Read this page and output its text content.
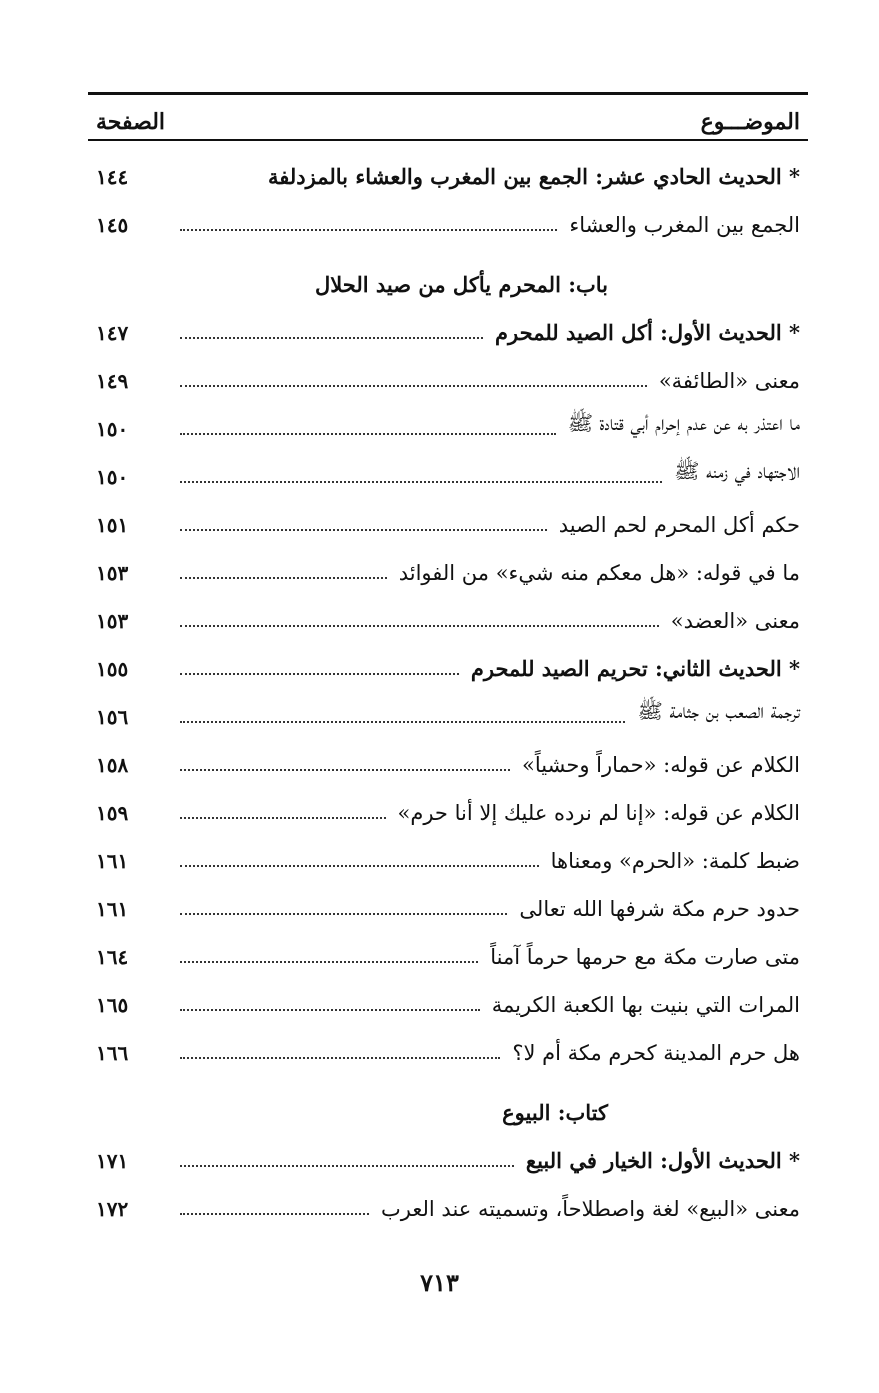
الموضـــوع
الصفحة
* الحديث الحادي عشر: الجمع بين المغرب والعشاء بالمزدلفة
١٤٤
الجمع بين المغرب والعشاء
١٤٥
باب: المحرم يأكل من صيد الحلال
* الحديث الأول: أكل الصيد للمحرم
١٤٧
معنى «الطائفة»
١٤٩
ما اعتذر به عن عدم إحرام أبي قتادة ﷺ
١٥٠
الاجتهاد في زمنه ﷺ
١٥٠
حكم أكل المحرم لحم الصيد
١٥١
ما في قوله: «هل معكم منه شيء» من الفوائد
١٥٣
معنى «العضد»
١٥٣
* الحديث الثاني: تحريم الصيد للمحرم
١٥٥
ترجمة الصعب بن جثامة ﷺ
١٥٦
الكلام عن قوله: «حماراً وحشياً»
١٥٨
الكلام عن قوله: «إنا لم نرده عليك إلا أنا حرم»
١٥٩
ضبط كلمة: «الحرم» ومعناها
١٦١
حدود حرم مكة شرفها الله تعالى
١٦١
متى صارت مكة مع حرمها حرماً آمناً
١٦٤
المرات التي بنيت بها الكعبة الكريمة
١٦٥
هل حرم المدينة كحرم مكة أم لا؟
١٦٦
كتاب: البيوع
* الحديث الأول: الخيار في البيع
١٧١
معنى «البيع» لغة واصطلاحاً، وتسميته عند العرب
١٧٢
٧١٣
